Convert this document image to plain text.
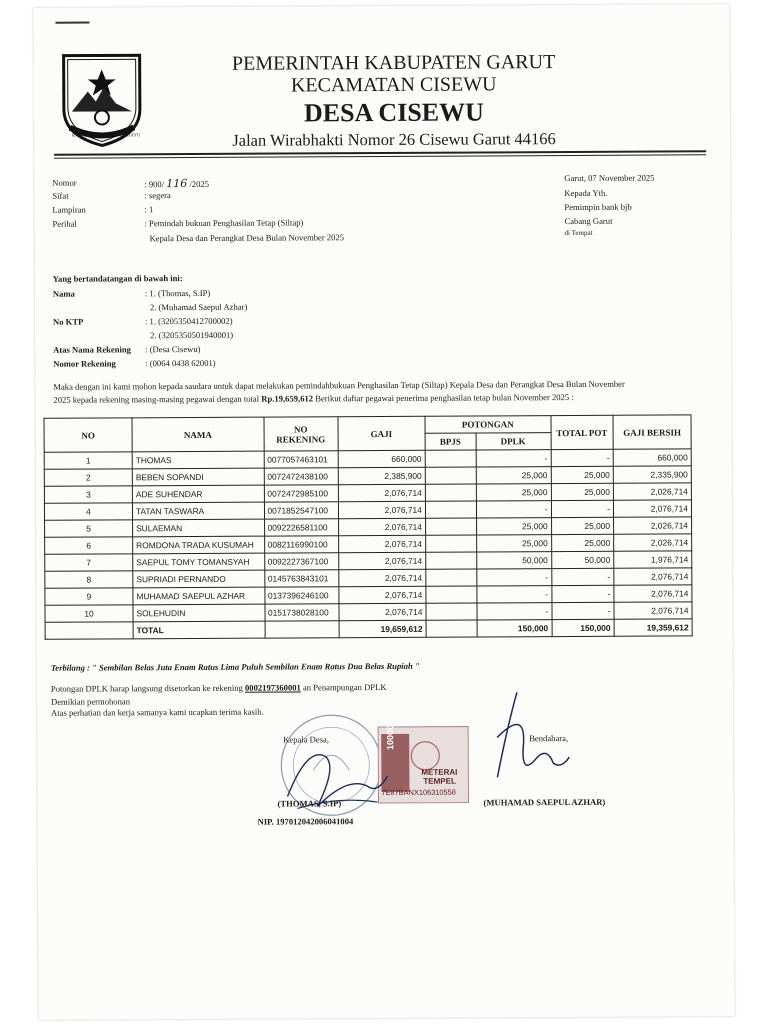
RAHAYU TRIRTRAH RAHAYU
PEMERINTAH KABUPATEN GARUT
KECAMATAN CISEWU
DESA CISEWU
Jalan Wirabhakti Nomor 26 Cisewu Garut 44166
Nomor	: 900/ 116 /2025
Sifat	: segera
Lampiran	: 1
Perihal	: Pemindah bukuan Penghasilan Tetap (Siltap)
Kepala Desa dan Perangkat Desa Bulan November 2025
Garut, 07 November 2025
Kepada Yth.
Pemimpin bank bjb
Cabang Garut
di Tempat
Yang bertandatangan di bawah ini:
Nama	: 1. (Thomas, S.IP)
2. (Muhamad Saepul Azhar)
No KTP	: 1. (3205350412700002)
2. (3205350501940001)
Atas Nama Rekening : (Desa Cisewu)
Nomor Rekening	: (0064 0438 62001)
Maka dengan ini kami mohon kepada saudara untuk dapat melakukan pemindahbukuan Penghasilan Tetap (Siltap) Kepala Desa dan Perangkat Desa Bulan November
2025 kepada rekening masing-masing pegawai dengan total Rp.19,659,612 Berikut daftar pegawai penerima penghasilan tetap bulan November 2025 :
NO	NAMA	NO
REKENING	GAJI	POTONGAN		TOTAL POT	GAJI BERSIH
				BPJS	DPLK		
1	THOMAS	0077057463101	660,000		-	-	660,000
2	BEBEN SOPANDI	0072472438100	2,385,900		25,000	25,000	2,335,900
3	ADE SUHENDAR	0072472985100	2,076,714		25,000	25,000	2,026,714
4	TATAN TASWARA	0071852547100	2,076,714		-	-	2,076,714
5	SULAEMAN	0092226581100	2,076,714		25,000	25,000	2,026,714
6	ROMDONA TRADA KUSUMAH	0082116990100	2,076,714		25,000	25,000	2,026,714
7	SAEPUL TOMY TOMANSYAH	0092227367100	2,076,714		50,000	50,000	1,976,714
8	SUPRIADI PERNANDO	0145763843101	2,076,714		-	-	2,076,714
9	MUHAMAD SAEPUL AZHAR	0137396246100	2,076,714		-	-	2,076,714
10	SOLEHUDIN	0151738028100	2,076,714		-	-	2,076,714
	TOTAL		19,659,612		150,000	150,000	19,359,612
Terbilang : " Sembilan Belas Juta Enam Ratus Lima Puluh Sembilan Enam Ratus Dua Belas Rupiah "
Potongan DPLK harap langsung disetorkan ke rekening 0002197360001 an Penampungan DPLK
Demikian permohonan
Atas perhatian dan kerja samanya kami ucapkan terima kasih.
10000
METERAI
TEMPEL
7E87BANX106310558
Kepala Desa,
(THOMAS, S.IP)
NIP. 197012042006041004
Bendahara,
(MUHAMAD SAEPUL AZHAR)
